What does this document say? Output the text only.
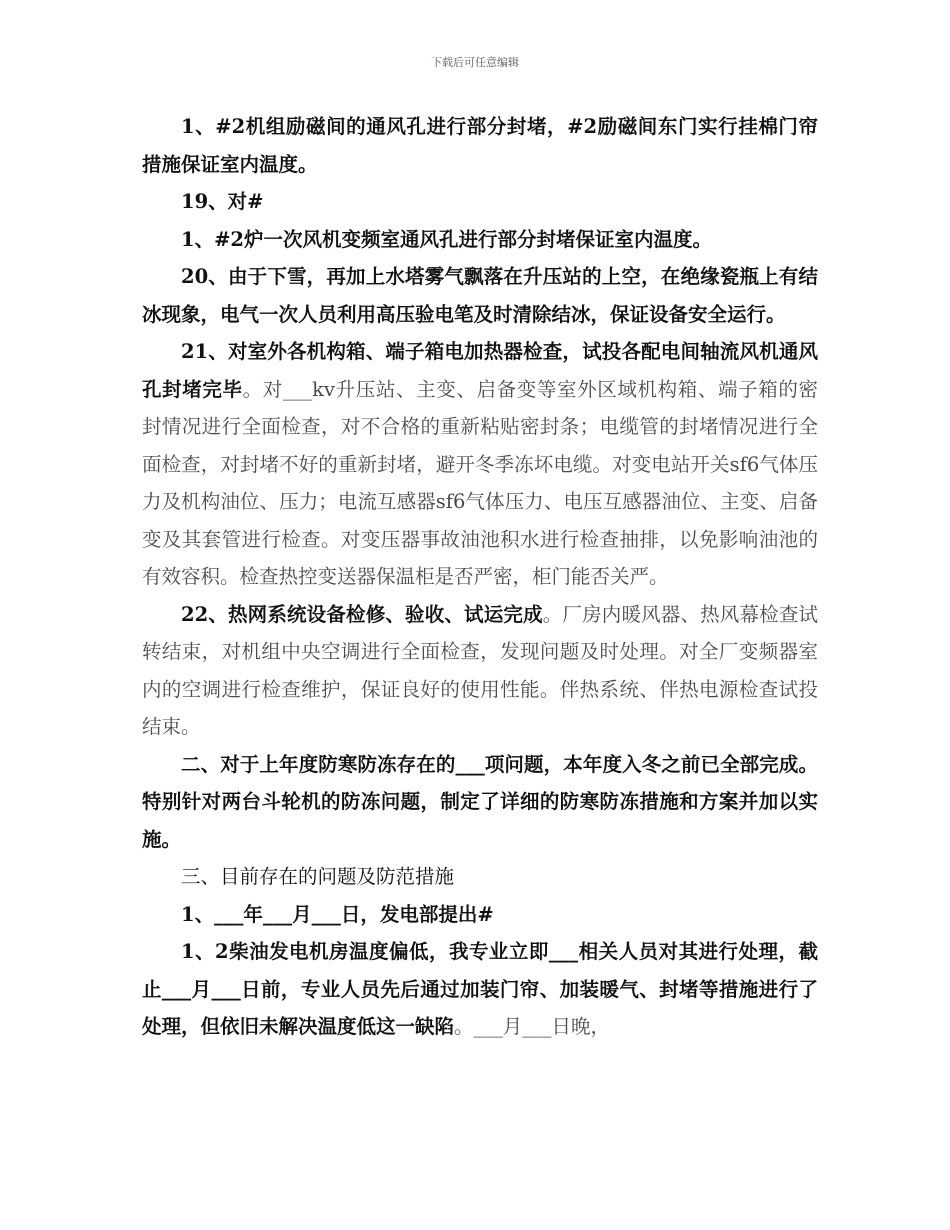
下载后可任意编辑

1、#2机组励磁间的通风孔进行部分封堵，#2励磁间东门实行挂棉门帘措施保证室内温度。

19、对#

1、#2炉一次风机变频室通风孔进行部分封堵保证室内温度。

20、由于下雪，再加上水塔雾气飘落在升压站的上空，在绝缘瓷瓶上有结冰现象，电气一次人员利用高压验电笔及时清除结冰，保证设备安全运行。

21、对室外各机构箱、端子箱电加热器检查，试投各配电间轴流风机通风孔封堵完毕。对___kv升压站、主变、启备变等室外区域机构箱、端子箱的密封情况进行全面检查，对不合格的重新粘贴密封条；电缆管的封堵情况进行全面检查，对封堵不好的重新封堵，避开冬季冻坏电缆。对变电站开关sf6气体压力及机构油位、压力；电流互感器sf6气体压力、电压互感器油位、主变、启备变及其套管进行检查。对变压器事故油池积水进行检查抽排，以免影响油池的有效容积。检查热控变送器保温柜是否严密，柜门能否关严。

22、热网系统设备检修、验收、试运完成。厂房内暖风器、热风幕检查试转结束，对机组中央空调进行全面检查，发现问题及时处理。对全厂变频器室内的空调进行检查维护，保证良好的使用性能。伴热系统、伴热电源检查试投结束。

二、对于上年度防寒防冻存在的___项问题，本年度入冬之前已全部完成。特别针对两台斗轮机的防冻问题，制定了详细的防寒防冻措施和方案并加以实施。

三、目前存在的问题及防范措施

1、___年___月___日，发电部提出#

1、2柴油发电机房温度偏低，我专业立即___相关人员对其进行处理，截止___月___日前，专业人员先后通过加装门帘、加装暖气、封堵等措施进行了处理，但依旧未解决温度低这一缺陷。___月___日晚，
